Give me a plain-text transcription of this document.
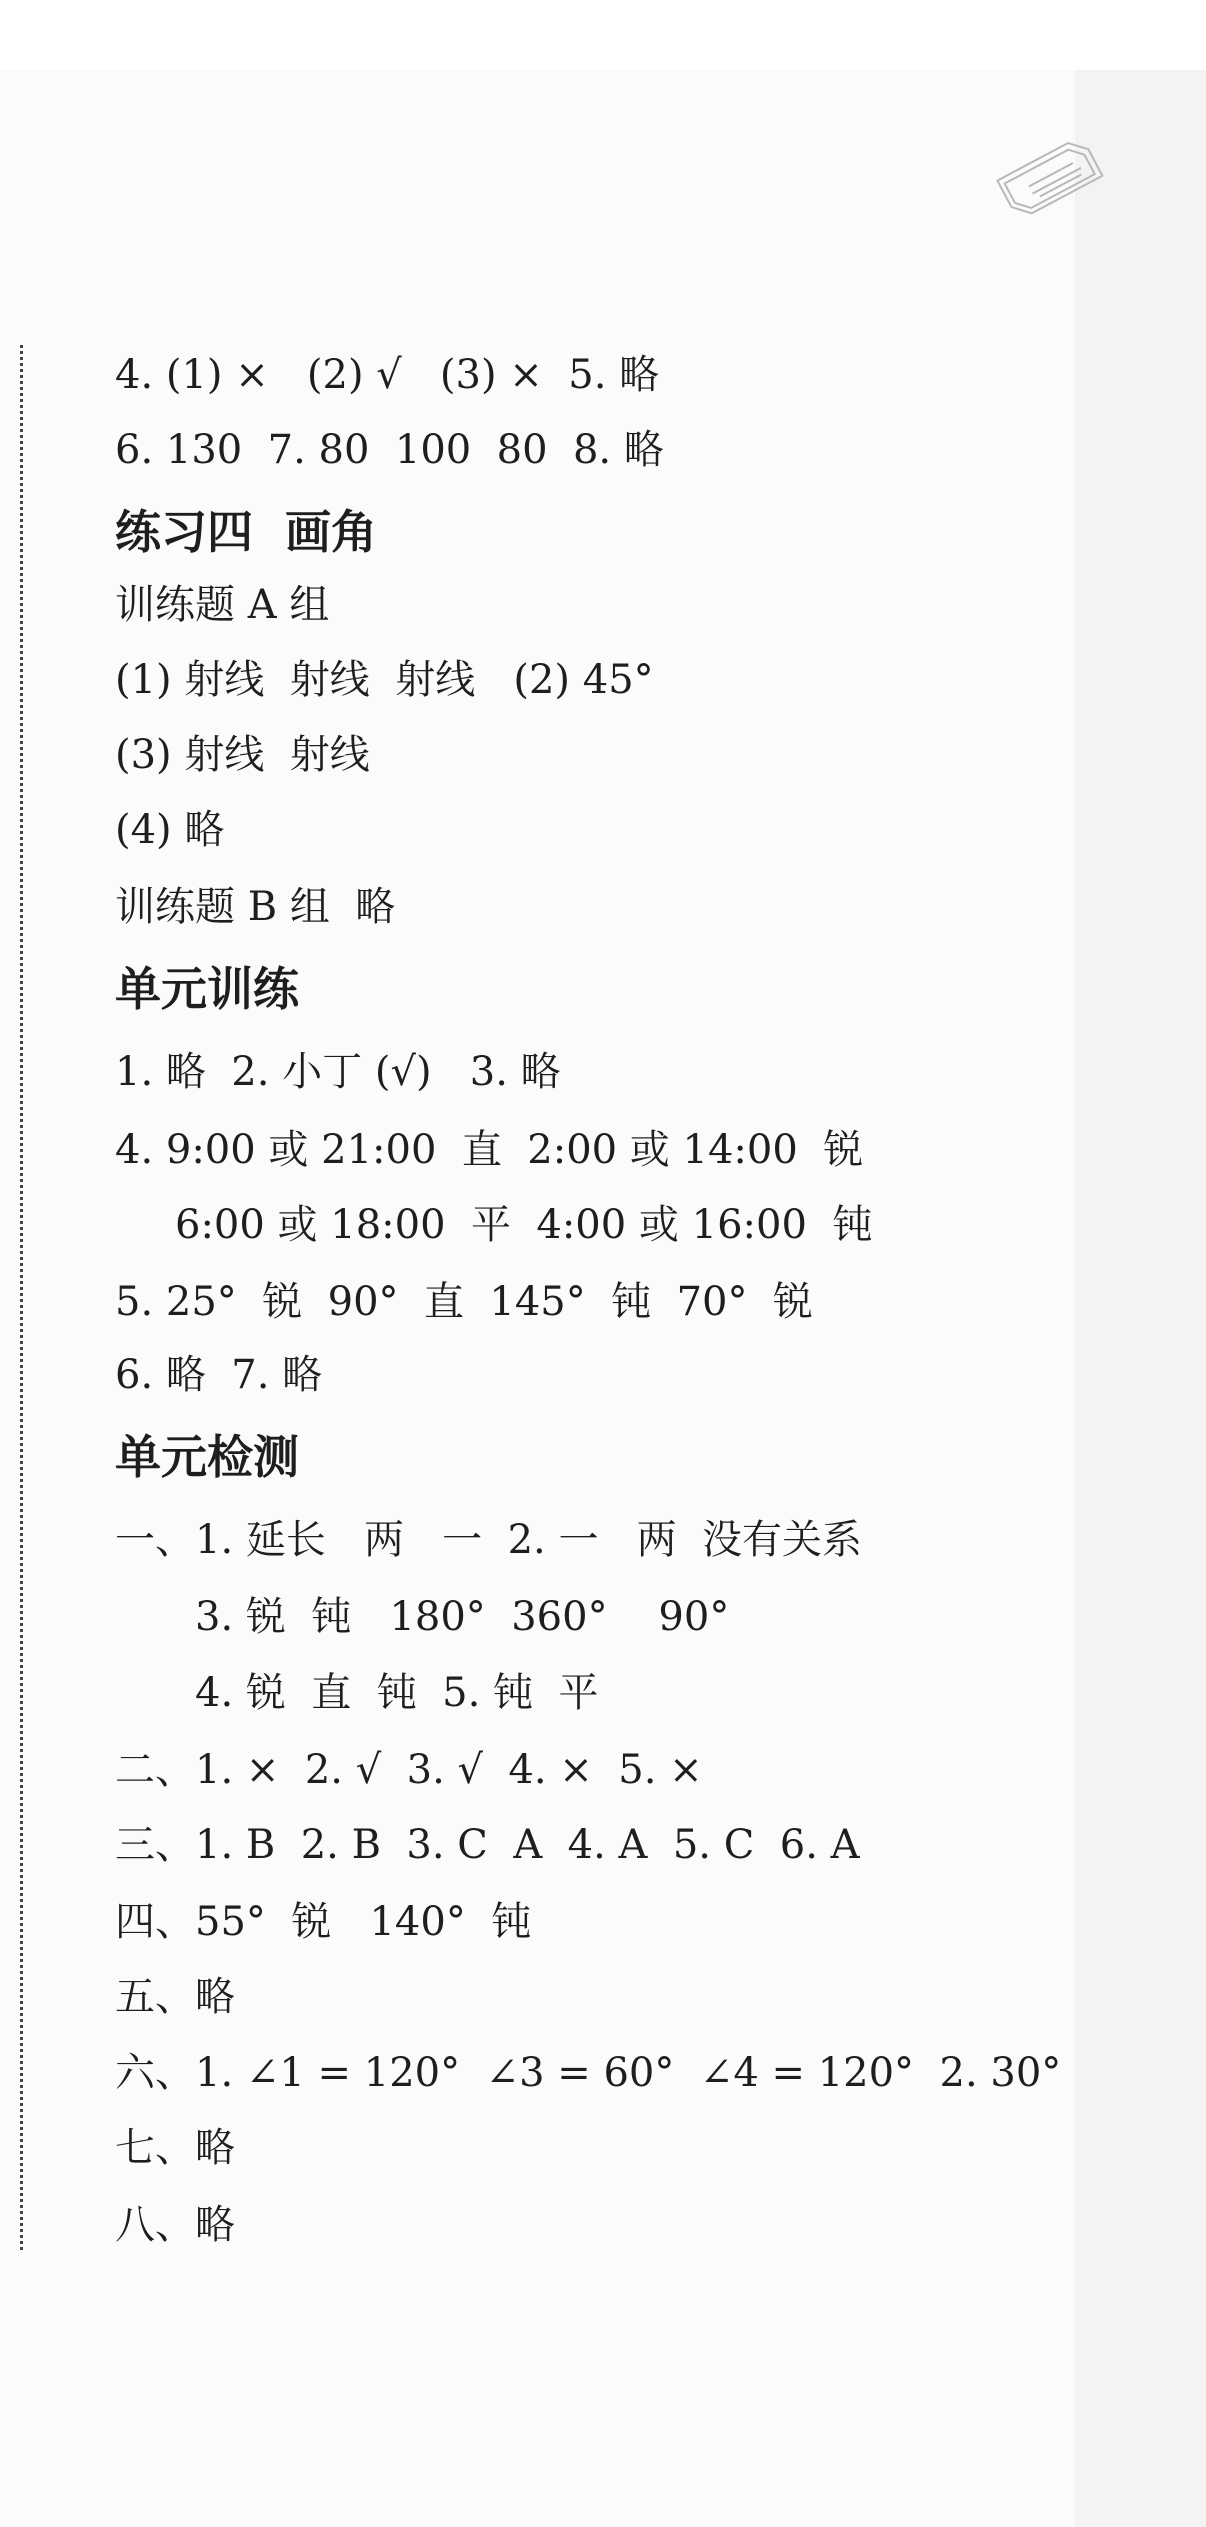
4. (1) ×   (2) √   (3) ×  5. 略
6. 130  7. 80  100  80  8. 略
练习四  画角
训练题 A 组
(1) 射线  射线  射线   (2) 45°
(3) 射线  射线
(4) 略
训练题 B 组  略
单元训练
1. 略  2. 小丁 (√)   3. 略
4. 9:00 或 21:00  直  2:00 或 14:00  锐
6:00 或 18:00  平  4:00 或 16:00  钝
5. 25°  锐  90°  直  145°  钝  70°  锐
6. 略  7. 略
单元检测
一、1. 延长   两   一  2. 一   两  没有关系
3. 锐  钝   180°  360°    90°
4. 锐  直  钝  5. 钝  平
二、1. ×  2. √  3. √  4. ×  5. ×
三、1. B  2. B  3. C  A  4. A  5. C  6. A
四、55°  锐   140°  钝
五、略
六、1. ∠1 = 120°  ∠3 = 60°  ∠4 = 120°  2. 30°
七、略
八、略
